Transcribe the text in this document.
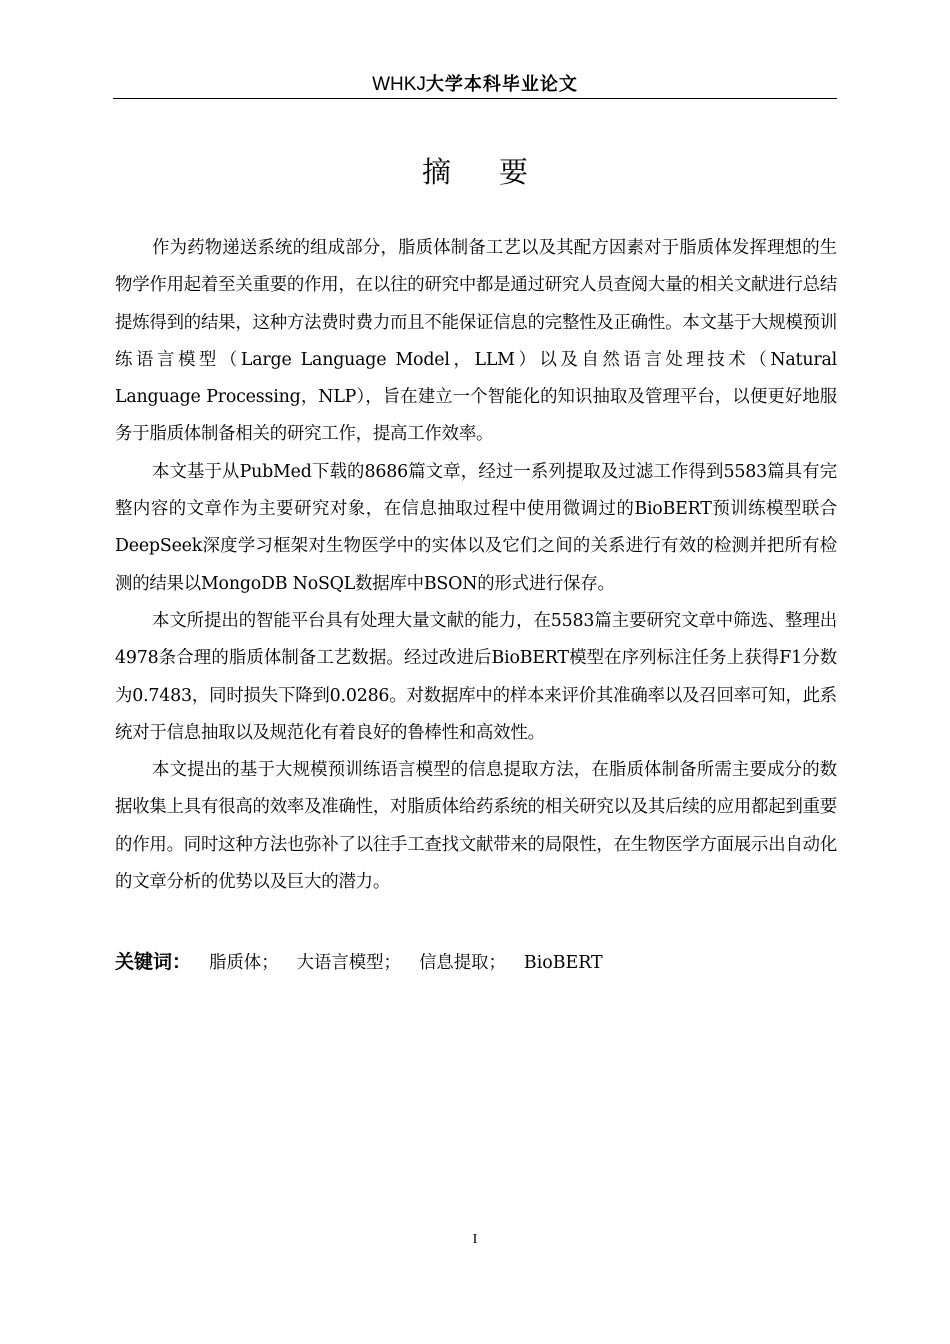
WHKJ大学本科毕业论文
摘要

作为药物递送系统的组成部分，脂质体制备工艺以及其配方因素对于脂质体发挥理想的生物学作用起着至关重要的作用，在以往的研究中都是通过研究人员查阅大量的相关文献进行总结提炼得到的结果，这种方法费时费力而且不能保证信息的完整性及正确性。本文基于大规模预训练语言模型（Large Language Model，LLM）以及自然语言处理技术（Natural Language Processing，NLP），旨在建立一个智能化的知识抽取及管理平台，以便更好地服务于脂质体制备相关的研究工作，提高工作效率。

本文基于从PubMed下载的8686篇文章，经过一系列提取及过滤工作得到5583篇具有完整内容的文章作为主要研究对象，在信息抽取过程中使用微调过的BioBERT预训练模型联合DeepSeek深度学习框架对生物医学中的实体以及它们之间的关系进行有效的检测并把所有检测的结果以MongoDB NoSQL数据库中BSON的形式进行保存。

本文所提出的智能平台具有处理大量文献的能力，在5583篇主要研究文章中筛选、整理出4978条合理的脂质体制备工艺数据。经过改进后BioBERT模型在序列标注任务上获得F1分数为0.7483，同时损失下降到0.0286。对数据库中的样本来评价其准确率以及召回率可知，此系统对于信息抽取以及规范化有着良好的鲁棒性和高效性。

本文提出的基于大规模预训练语言模型的信息提取方法，在脂质体制备所需主要成分的数据收集上具有很高的效率及准确性，对脂质体给药系统的相关研究以及其后续的应用都起到重要的作用。同时这种方法也弥补了以往手工查找文献带来的局限性，在生物医学方面展示出自动化的文章分析的优势以及巨大的潜力。

关键词： 脂质体； 大语言模型； 信息提取； BioBERT
I
